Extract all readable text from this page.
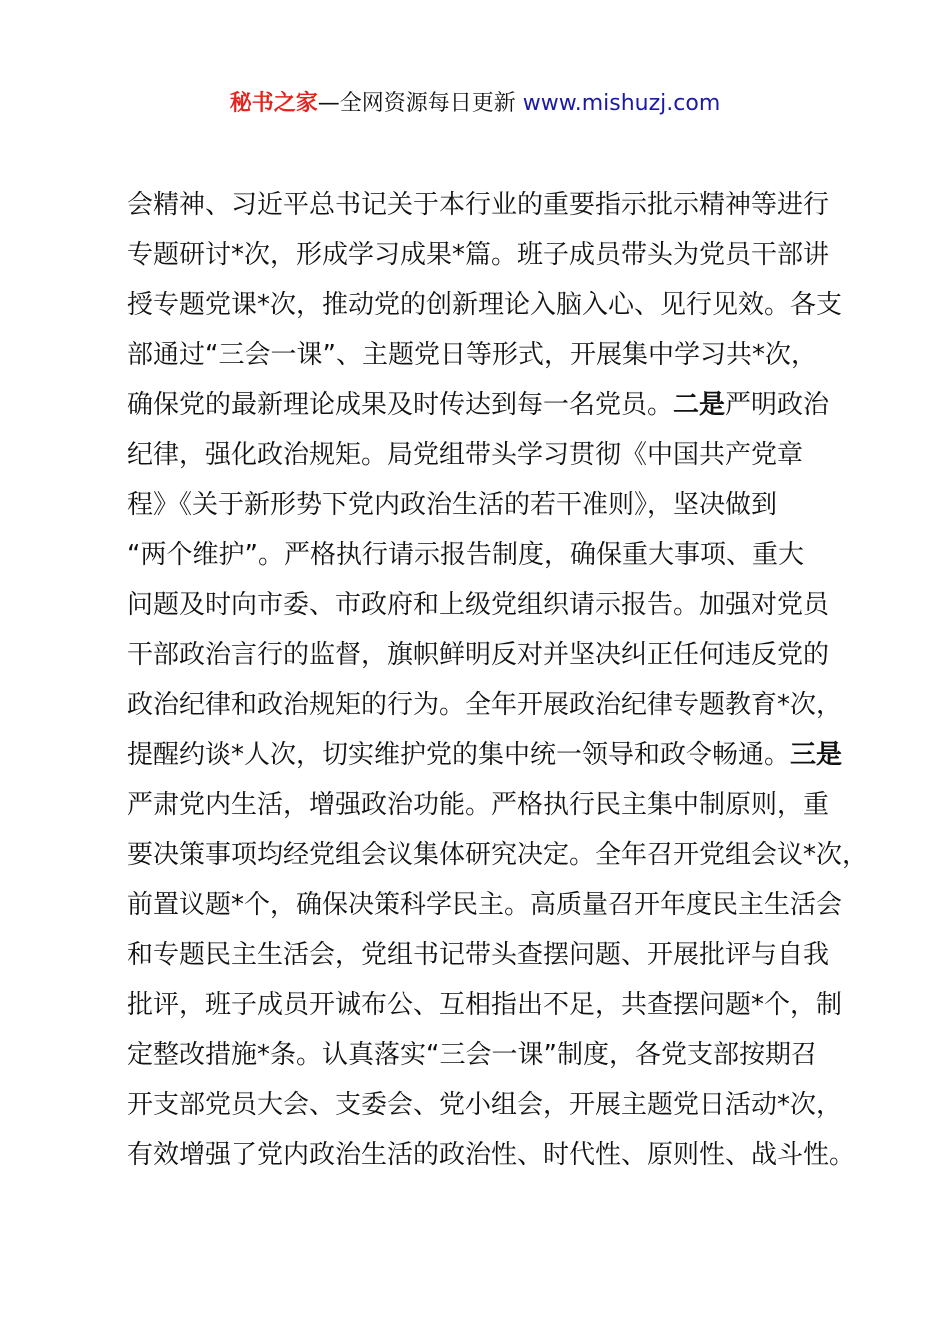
秘书之家—全网资源每日更新 www.mishuzj.com
会精神、习近平总书记关于本行业的重要指示批示精神等进行
专题研讨*次，形成学习成果*篇。班子成员带头为党员干部讲
授专题党课*次，推动党的创新理论入脑入心、见行见效。各支
部通过“三会一课”、主题党日等形式，开展集中学习共*次，
确保党的最新理论成果及时传达到每一名党员。二是严明政治
纪律，强化政治规矩。局党组带头学习贯彻《中国共产党章
程》《关于新形势下党内政治生活的若干准则》，坚决做到
“两个维护”。严格执行请示报告制度，确保重大事项、重大
问题及时向市委、市政府和上级党组织请示报告。加强对党员
干部政治言行的监督，旗帜鲜明反对并坚决纠正任何违反党的
政治纪律和政治规矩的行为。全年开展政治纪律专题教育*次，
提醒约谈*人次，切实维护党的集中统一领导和政令畅通。三是
严肃党内生活，增强政治功能。严格执行民主集中制原则，重
要决策事项均经党组会议集体研究决定。全年召开党组会议*次，
前置议题*个，确保决策科学民主。高质量召开年度民主生活会
和专题民主生活会，党组书记带头查摆问题、开展批评与自我
批评，班子成员开诚布公、互相指出不足，共查摆问题*个，制
定整改措施*条。认真落实“三会一课”制度，各党支部按期召
开支部党员大会、支委会、党小组会，开展主题党日活动*次，
有效增强了党内政治生活的政治性、时代性、原则性、战斗性。
